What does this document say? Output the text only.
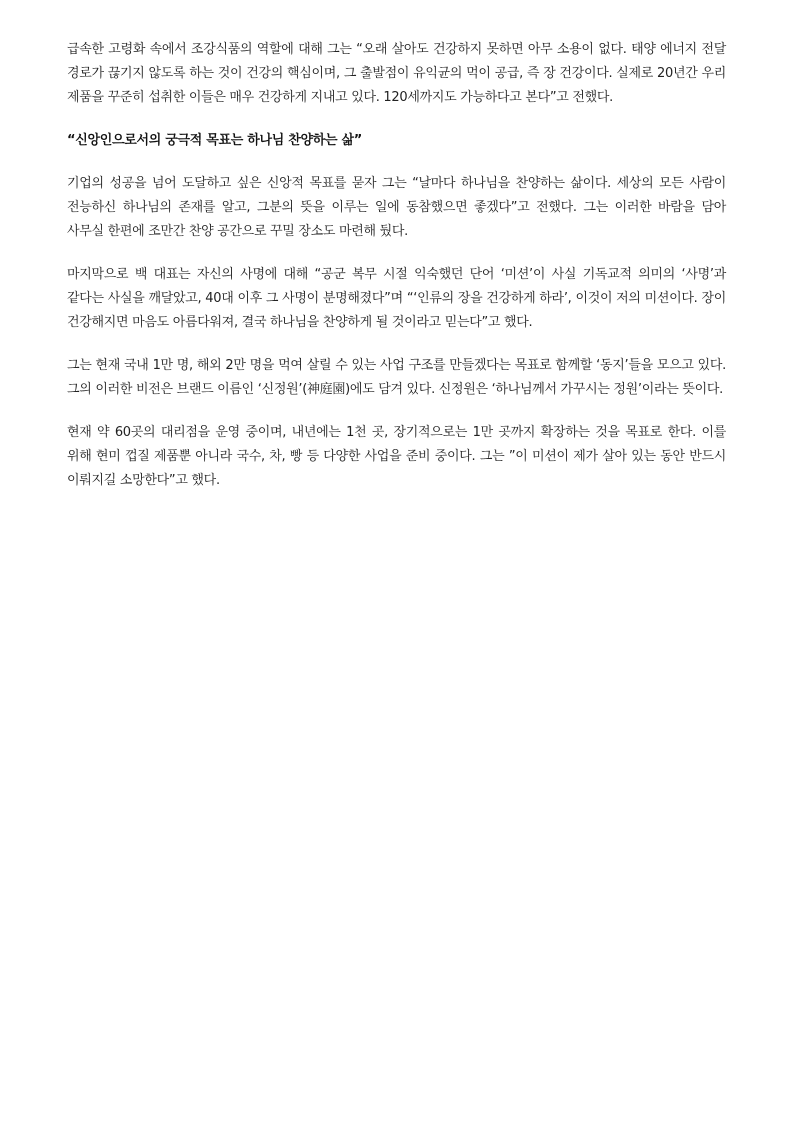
급속한 고령화 속에서 조강식품의 역할에 대해 그는 “오래 살아도 건강하지 못하면 아무 소용이 없다. 태양 에너지 전달 경로가 끊기지 않도록 하는 것이 건강의 핵심이며, 그 출발점이 유익균의 먹이 공급, 즉 장 건강이다. 실제로 20년간 우리 제품을 꾸준히 섭취한 이들은 매우 건강하게 지내고 있다. 120세까지도 가능하다고 본다”고 전했다.

“신앙인으로서의 궁극적 목표는 하나님 찬양하는 삶”

기업의 성공을 넘어 도달하고 싶은 신앙적 목표를 묻자 그는 “날마다 하나님을 찬양하는 삶이다. 세상의 모든 사람이 전능하신 하나님의 존재를 알고, 그분의 뜻을 이루는 일에 동참했으면 좋겠다”고 전했다. 그는 이러한 바람을 담아 사무실 한편에 조만간 찬양 공간으로 꾸밀 장소도 마련해 뒀다.

마지막으로 백 대표는 자신의 사명에 대해 “공군 복무 시절 익숙했던 단어 ‘미션’이 사실 기독교적 의미의 ‘사명’과 같다는 사실을 깨달았고, 40대 이후 그 사명이 분명해졌다”며 “‘인류의 장을 건강하게 하라’, 이것이 저의 미션이다. 장이 건강해지면 마음도 아름다워져, 결국 하나님을 찬양하게 될 것이라고 믿는다”고 했다.

그는 현재 국내 1만 명, 해외 2만 명을 먹여 살릴 수 있는 사업 구조를 만들겠다는 목표로 함께할 ‘동지’들을 모으고 있다. 그의 이러한 비전은 브랜드 이름인 ‘신정원’(神庭園)에도 담겨 있다. 신정원은 ‘하나님께서 가꾸시는 정원’이라는 뜻이다.

현재 약 60곳의 대리점을 운영 중이며, 내년에는 1천 곳, 장기적으로는 1만 곳까지 확장하는 것을 목표로 한다. 이를 위해 현미 껍질 제품뿐 아니라 국수, 차, 빵 등 다양한 사업을 준비 중이다. 그는 ”이 미션이 제가 살아 있는 동안 반드시 이뤄지길 소망한다”고 했다.
